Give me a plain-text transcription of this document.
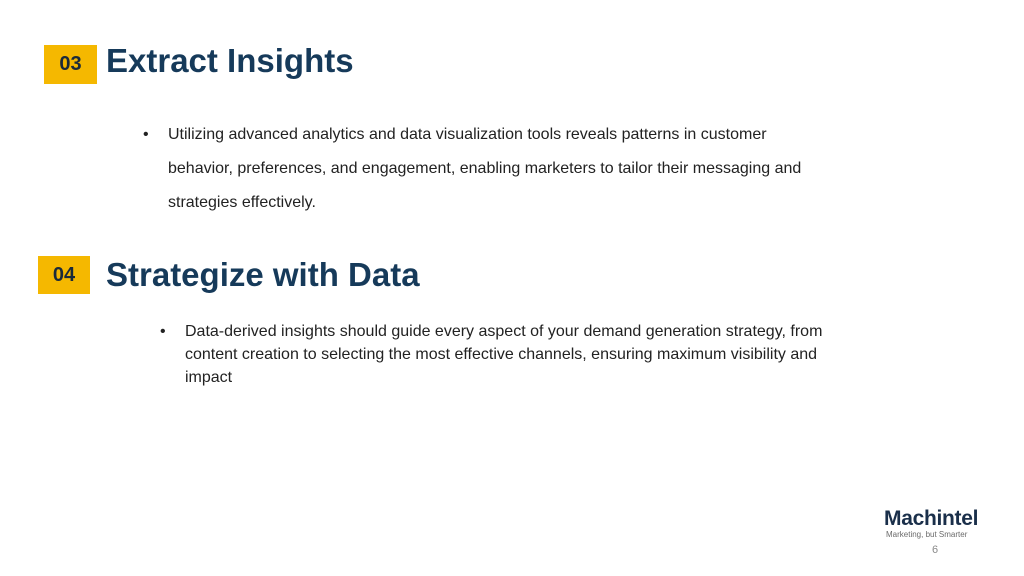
03 Extract Insights
• Utilizing advanced analytics and data visualization tools reveals patterns in customer behavior, preferences, and engagement, enabling marketers to tailor their messaging and strategies effectively.
04 Strategize with Data
• Data-derived insights should guide every aspect of your demand generation strategy, from content creation to selecting the most effective channels, ensuring maximum visibility and impact
Machintel
Marketing, but Smarter
6
